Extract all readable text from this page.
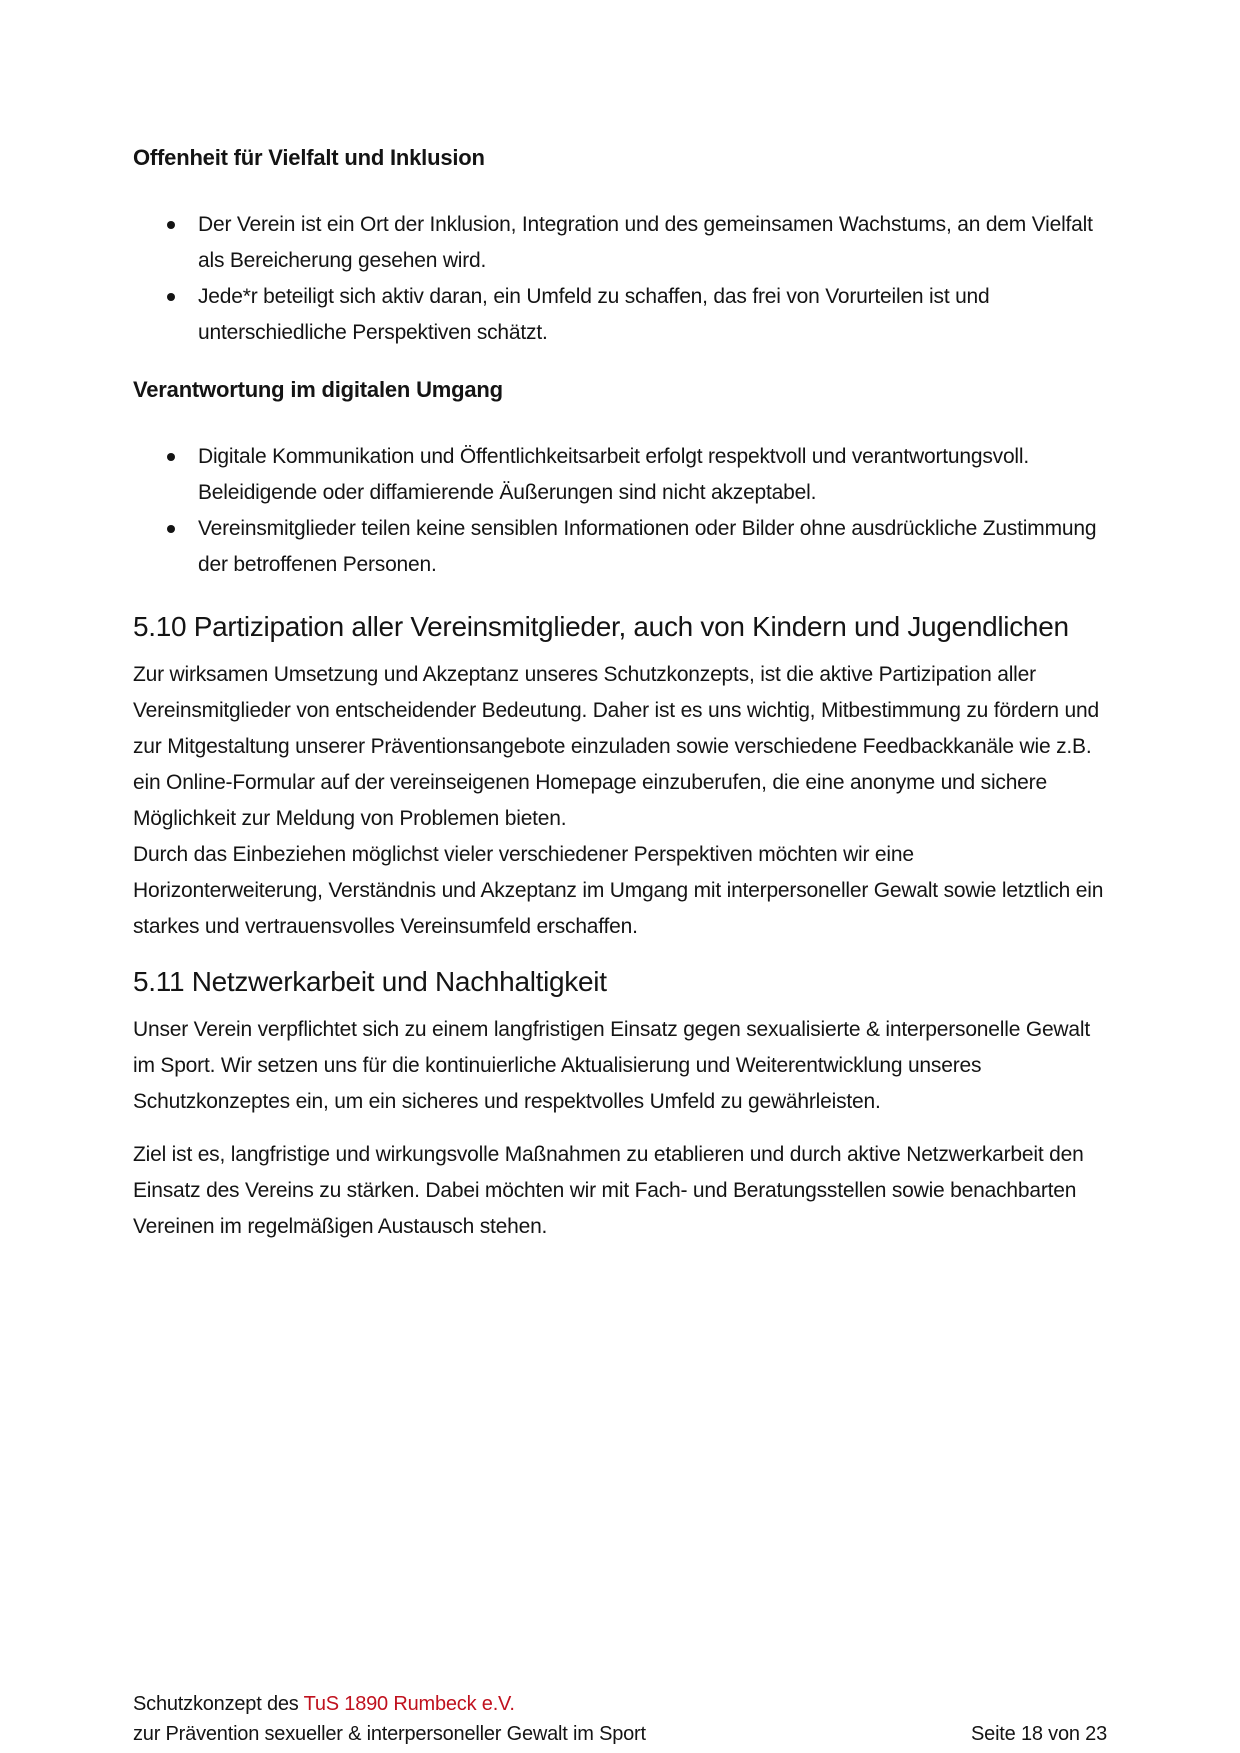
Offenheit für Vielfalt und Inklusion
Der Verein ist ein Ort der Inklusion, Integration und des gemeinsamen Wachstums, an dem Vielfalt als Bereicherung gesehen wird.
Jede*r beteiligt sich aktiv daran, ein Umfeld zu schaffen, das frei von Vorurteilen ist und unterschiedliche Perspektiven schätzt.
Verantwortung im digitalen Umgang
Digitale Kommunikation und Öffentlichkeitsarbeit erfolgt respektvoll und verantwortungsvoll. Beleidigende oder diffamierende Äußerungen sind nicht akzeptabel.
Vereinsmitglieder teilen keine sensiblen Informationen oder Bilder ohne ausdrückliche Zustimmung der betroffenen Personen.
5.10 Partizipation aller Vereinsmitglieder, auch von Kindern und Jugendlichen

Zur wirksamen Umsetzung und Akzeptanz unseres Schutzkonzepts, ist die aktive Partizipation aller Vereinsmitglieder von entscheidender Bedeutung. Daher ist es uns wichtig, Mitbestimmung zu fördern und zur Mitgestaltung unserer Präventionsangebote einzuladen sowie verschiedene Feedbackkanäle wie z.B. ein Online-Formular auf der vereinseigenen Homepage einzuberufen, die eine anonyme und sichere Möglichkeit zur Meldung von Problemen bieten.

Durch das Einbeziehen möglichst vieler verschiedener Perspektiven möchten wir eine Horizonterweiterung, Verständnis und Akzeptanz im Umgang mit interpersoneller Gewalt sowie letztlich ein starkes und vertrauensvolles Vereinsumfeld erschaffen.

5.11 Netzwerkarbeit und Nachhaltigkeit

Unser Verein verpflichtet sich zu einem langfristigen Einsatz gegen sexualisierte & interpersonelle Gewalt im Sport. Wir setzen uns für die kontinuierliche Aktualisierung und Weiterentwicklung unseres Schutzkonzeptes ein, um ein sicheres und respektvolles Umfeld zu gewährleisten.

Ziel ist es, langfristige und wirkungsvolle Maßnahmen zu etablieren und durch aktive Netzwerkarbeit den Einsatz des Vereins zu stärken. Dabei möchten wir mit Fach- und Beratungsstellen sowie benachbarten Vereinen im regelmäßigen Austausch stehen.

Schutzkonzept des TuS 1890 Rumbeck e.V.
zur Prävention sexueller & interpersoneller Gewalt im Sport	Seite 18 von 23
